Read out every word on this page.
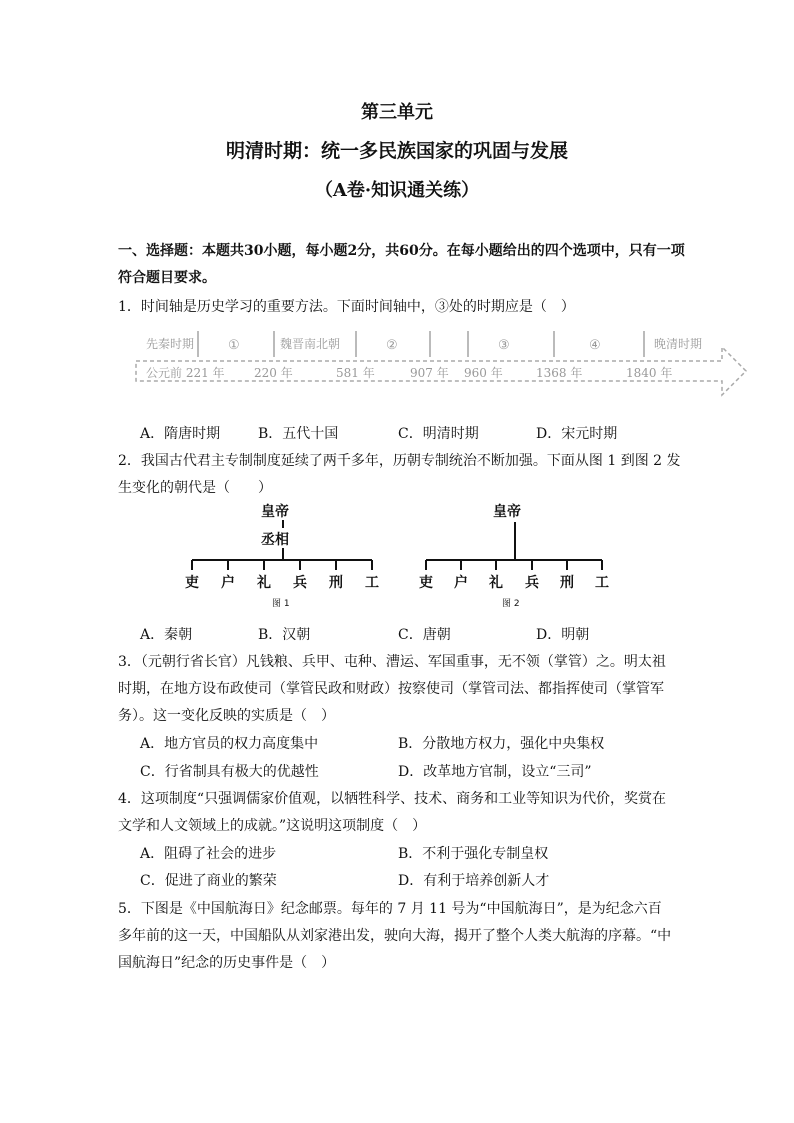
第三单元
明清时期：统一多民族国家的巩固与发展
（A卷·知识通关练）
一、选择题：本题共30小题，每小题2分，共60分。在每小题给出的四个选项中，只有一项
符合题目要求。
1．时间轴是历史学习的重要方法。下面时间轴中，③处的时期应是（　）
先秦时期	①	魏晋南北朝	②	③	④	晚清时期
公元前 221 年 220 年	581 年	907 年 960 年	1368 年	1840 年
A．隋唐时期	B．五代十国	C．明清时期	D．宋元时期
2．我国古代君主专制制度延续了两千多年，历朝专制统治不断加强。下面从图 1 到图 2 发
生变化的朝代是（　　）
皇帝
丞相
吏 户 礼 兵 刑 工
图 1
皇帝
吏 户 礼 兵 刑 工
图 2
A．秦朝	B．汉朝	C．唐朝	D．明朝
3．（元朝行省长官）凡钱粮、兵甲、屯种、漕运、军国重事，无不领（掌管）之。明太祖
时期，在地方设布政使司（掌管民政和财政）按察使司（掌管司法、都指挥使司（掌管军
务）。这一变化反映的实质是（　）
A．地方官员的权力高度集中	B．分散地方权力，强化中央集权
C．行省制具有极大的优越性	D．改革地方官制，设立“三司”
4．这项制度“只强调儒家价值观，以牺牲科学、技术、商务和工业等知识为代价，奖赏在
文学和人文领域上的成就。”这说明这项制度（　）
A．阻碍了社会的进步	B．不利于强化专制皇权
C．促进了商业的繁荣	D．有利于培养创新人才
5．下图是《中国航海日》纪念邮票。每年的 7 月 11 号为“中国航海日”，是为纪念六百
多年前的这一天，中国船队从刘家港出发，驶向大海，揭开了整个人类大航海的序幕。“中
国航海日”纪念的历史事件是（　）
